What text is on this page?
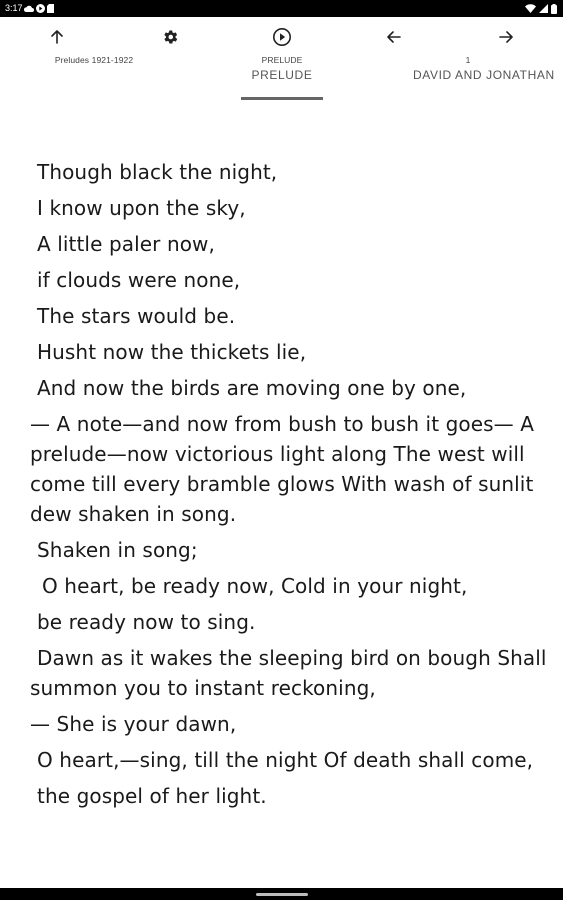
3:17
Preludes 1921-1922	PRELUDE
PRELUDE
1
DAVID AND JONATHAN

Though black the night,

I know upon the sky,

A little paler now,

if clouds were none,

The stars would be.

Husht now the thickets lie,

And now the birds are moving one by one,

— A note—and now from bush to bush it goes— A prelude—now victorious light along The west will come till every bramble glows With wash of sunlit dew shaken in song.

Shaken in song;

O heart, be ready now, Cold in your night,

be ready now to sing.

Dawn as it wakes the sleeping bird on bough Shall summon you to instant reckoning,

— She is your dawn,

O heart,—sing, till the night Of death shall come,

the gospel of her light.
